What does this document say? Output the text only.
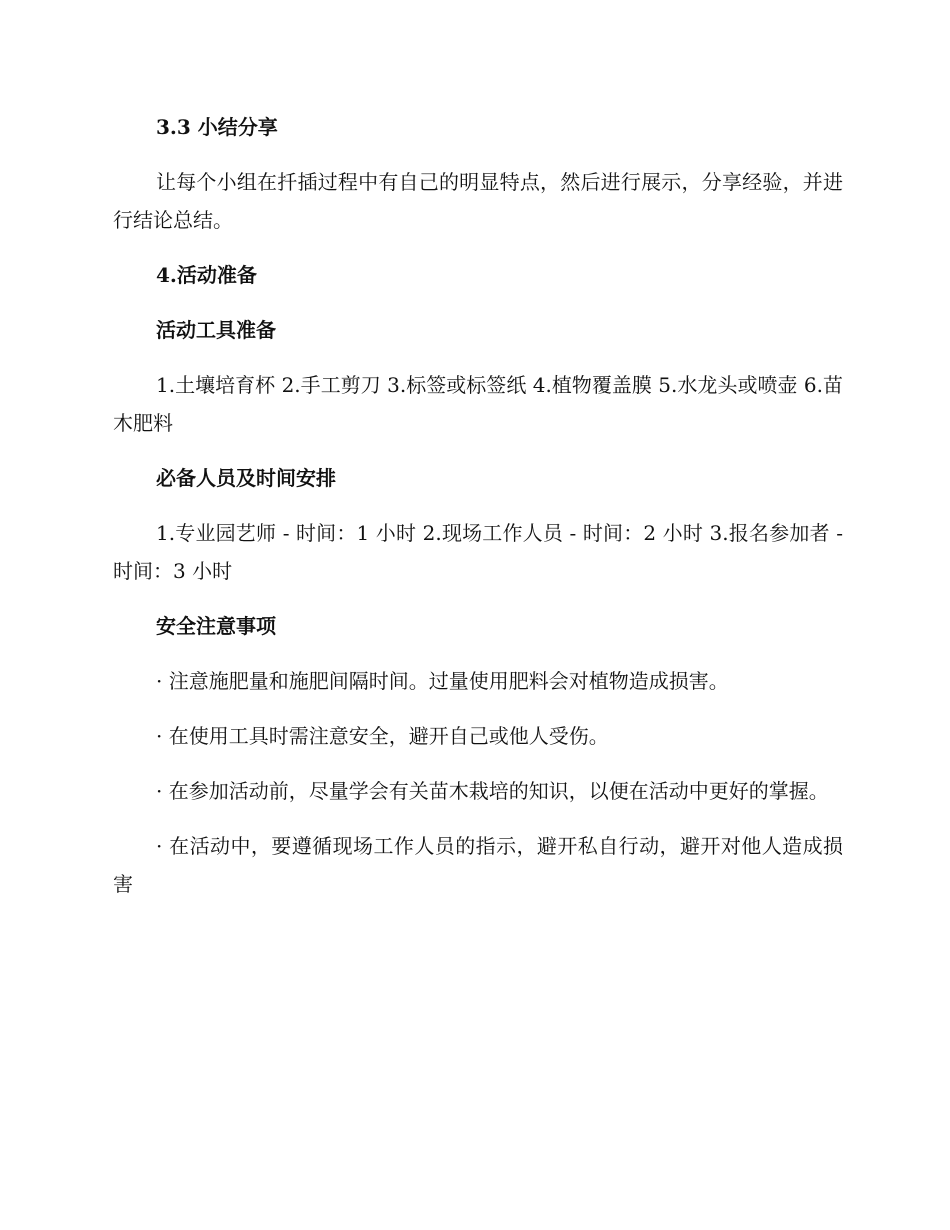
3.3 小结分享
让每个小组在扦插过程中有自己的明显特点，然后进行展示，分享经验，并进行结论总结。
4.活动准备
活动工具准备
1.土壤培育杯 2.手工剪刀 3.标签或标签纸 4.植物覆盖膜 5.水龙头或喷壶 6.苗木肥料
必备人员及时间安排
1.专业园艺师 - 时间：1 小时 2.现场工作人员 - 时间：2 小时 3.报名参加者 - 时间：3 小时
安全注意事项
· 注意施肥量和施肥间隔时间。过量使用肥料会对植物造成损害。
· 在使用工具时需注意安全，避开自己或他人受伤。
· 在参加活动前，尽量学会有关苗木栽培的知识，以便在活动中更好的掌握。
· 在活动中，要遵循现场工作人员的指示，避开私自行动，避开对他人造成损害
